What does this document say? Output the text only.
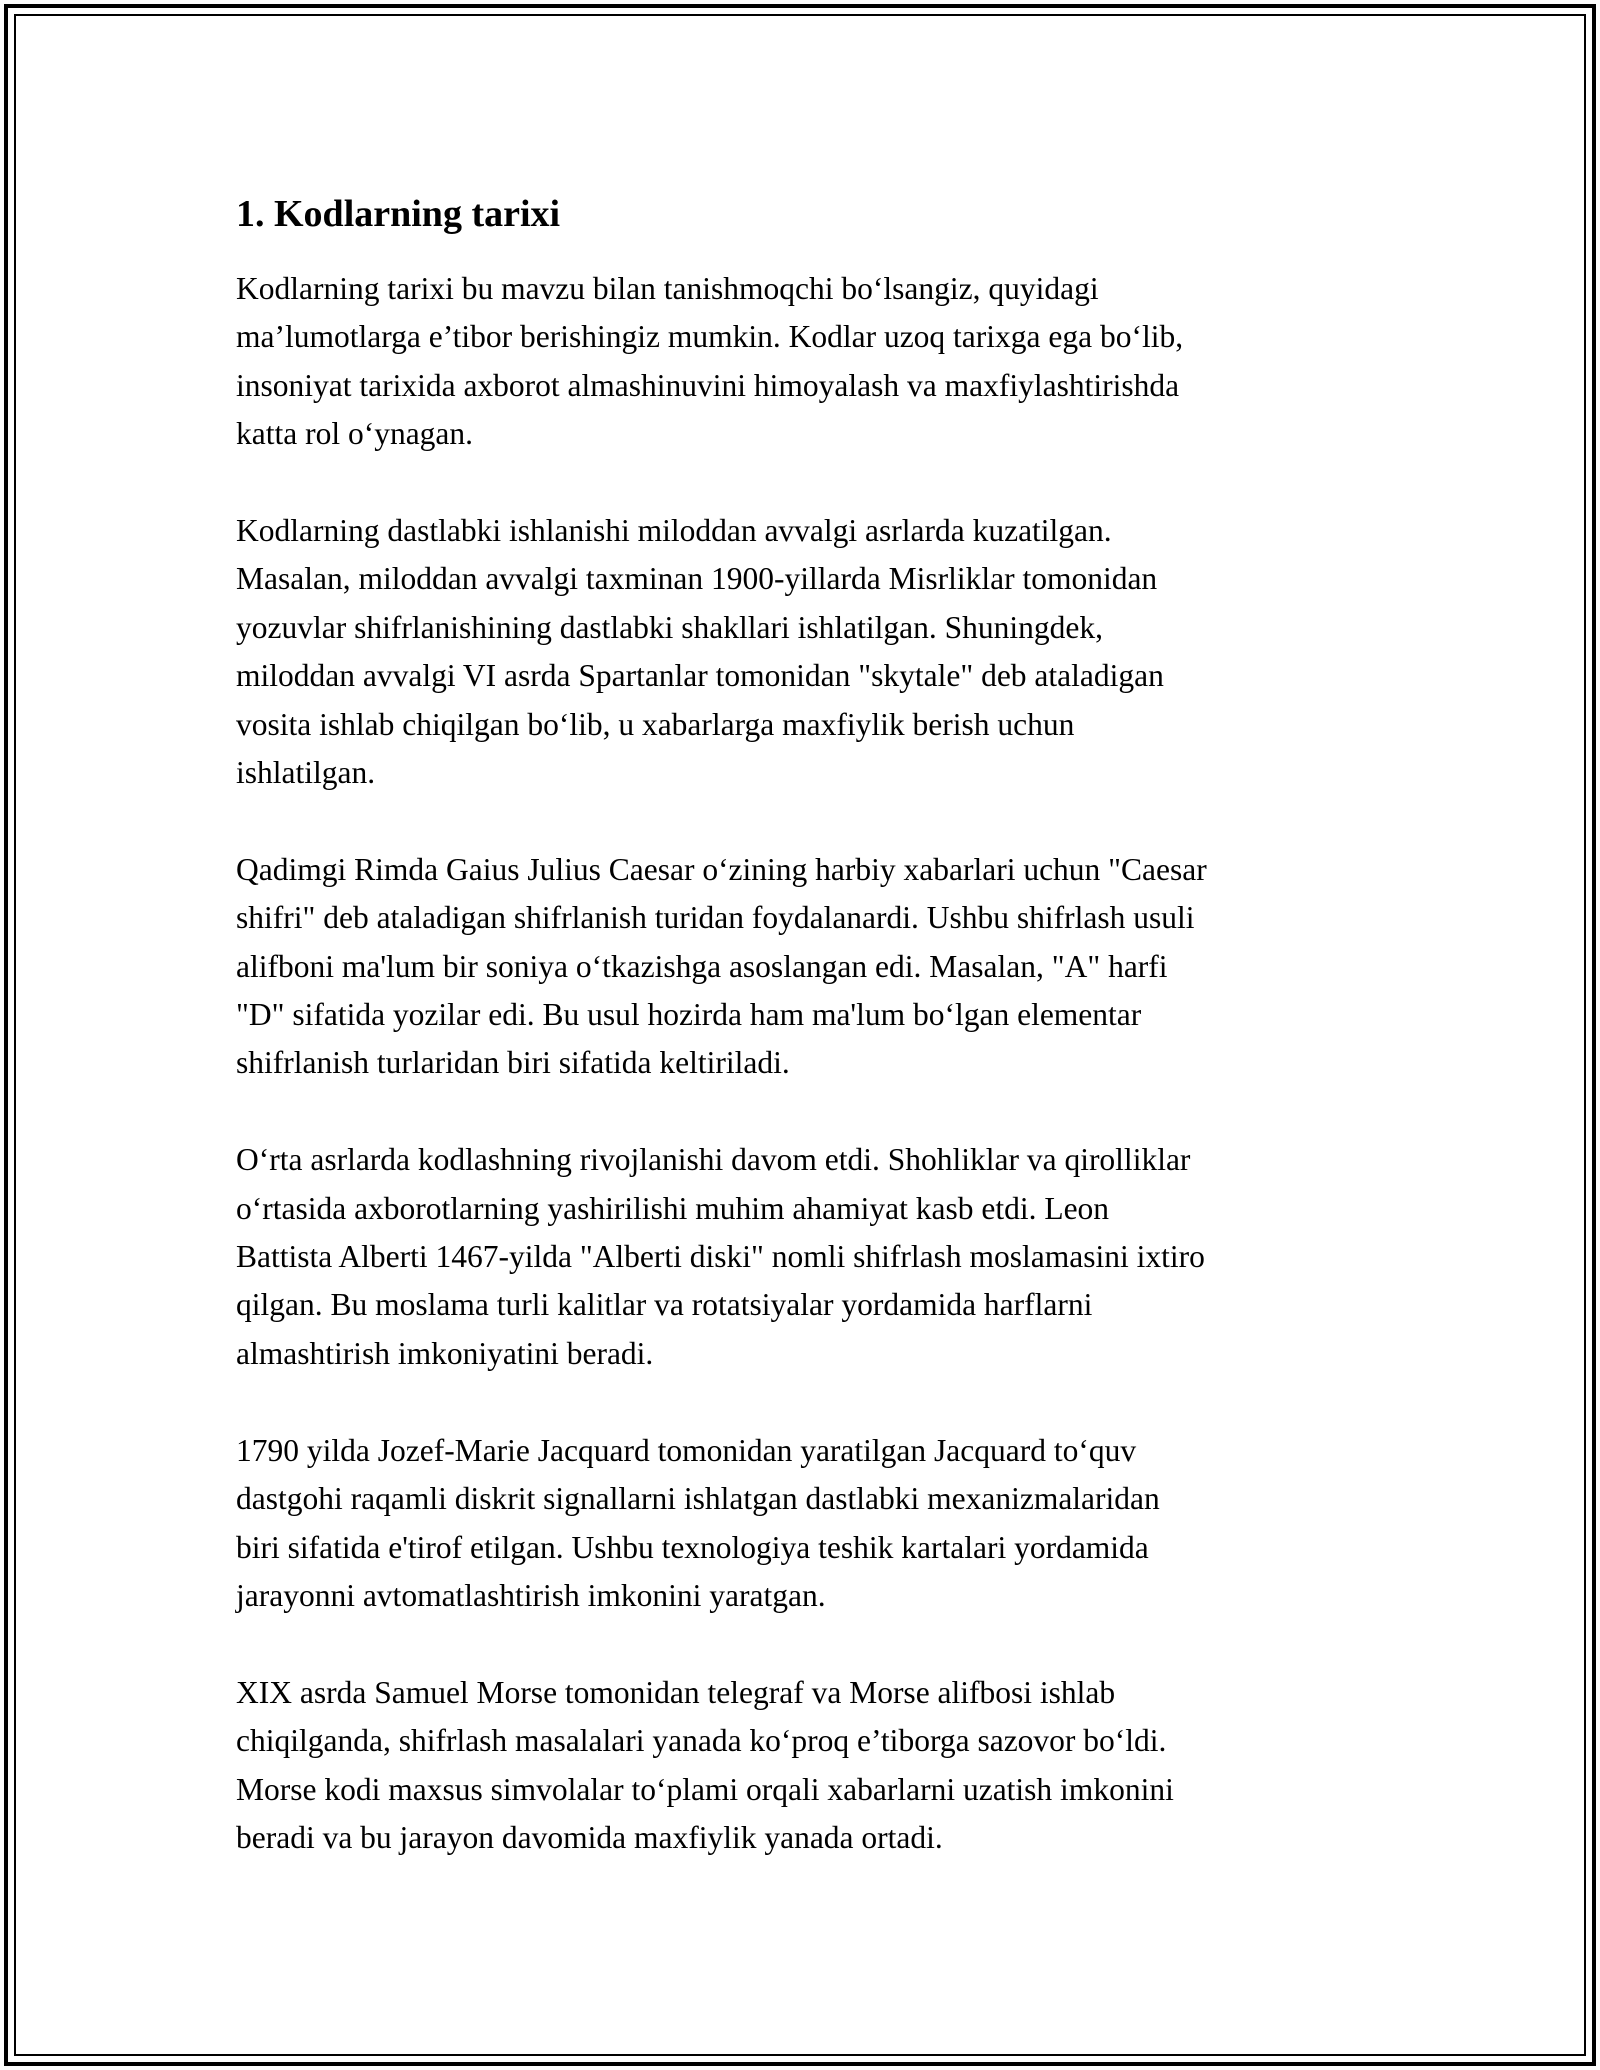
1. Kodlarning tarixi

Kodlarning tarixi bu mavzu bilan tanishmoqchi bo‘lsangiz, quyidagi
ma’lumotlarga e’tibor berishingiz mumkin. Kodlar uzoq tarixga ega bo‘lib,
insoniyat tarixida axborot almashinuvini himoyalash va maxfiylashtirishda
katta rol o‘ynagan.

Kodlarning dastlabki ishlanishi miloddan avvalgi asrlarda kuzatilgan.
Masalan, miloddan avvalgi taxminan 1900-yillarda Misrliklar tomonidan
yozuvlar shifrlanishining dastlabki shakllari ishlatilgan. Shuningdek,
miloddan avvalgi VI asrda Spartanlar tomonidan "skytale" deb ataladigan
vosita ishlab chiqilgan bo‘lib, u xabarlarga maxfiylik berish uchun
ishlatilgan.

Qadimgi Rimda Gaius Julius Caesar o‘zining harbiy xabarlari uchun "Caesar
shifri" deb ataladigan shifrlanish turidan foydalanardi. Ushbu shifrlash usuli
alifboni ma'lum bir soniya o‘tkazishga asoslangan edi. Masalan, "A" harfi
"D" sifatida yozilar edi. Bu usul hozirda ham ma'lum bo‘lgan elementar
shifrlanish turlaridan biri sifatida keltiriladi.

O‘rta asrlarda kodlashning rivojlanishi davom etdi. Shohliklar va qirolliklar
o‘rtasida axborotlarning yashirilishi muhim ahamiyat kasb etdi. Leon
Battista Alberti 1467-yilda "Alberti diski" nomli shifrlash moslamasini ixtiro
qilgan. Bu moslama turli kalitlar va rotatsiyalar yordamida harflarni
almashtirish imkoniyatini beradi.

1790 yilda Jozef-Marie Jacquard tomonidan yaratilgan Jacquard to‘quv
dastgohi raqamli diskrit signallarni ishlatgan dastlabki mexanizmalaridan
biri sifatida e'tirof etilgan. Ushbu texnologiya teshik kartalari yordamida
jarayonni avtomatlashtirish imkonini yaratgan.

XIX asrda Samuel Morse tomonidan telegraf va Morse alifbosi ishlab
chiqilganda, shifrlash masalalari yanada ko‘proq e’tiborga sazovor bo‘ldi.
Morse kodi maxsus simvolalar to‘plami orqali xabarlarni uzatish imkonini
beradi va bu jarayon davomida maxfiylik yanada ortadi.
